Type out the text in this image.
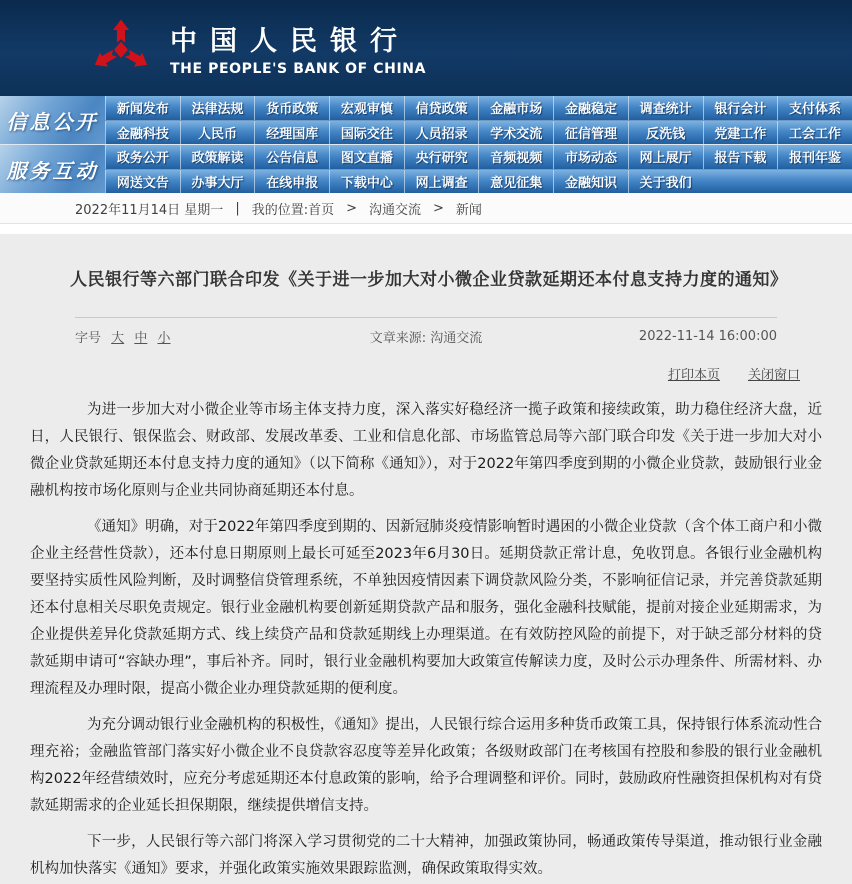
中国人民银行
THE PEOPLE'S BANK OF CHINA
信息公开	新闻发布	法律法规	货币政策	宏观审慎	信贷政策	金融市场	金融稳定	调查统计	银行会计	支付体系
金融科技	人民币	经理国库	国际交往	人员招录	学术交流	征信管理	反洗钱	党建工作	工会工作
服务互动	政务公开	政策解读	公告信息	图文直播	央行研究	音频视频	市场动态	网上展厅	报告下载	报刊年鉴
网送文告	办事大厅	在线申报	下载中心	网上调查	意见征集	金融知识	关于我们
2022年11月14日 星期一 | 我的位置:首页 > 沟通交流 > 新闻
人民银行等六部门联合印发《关于进一步加大对小微企业贷款延期还本付息支持力度的通知》
字号 大 中 小	文章来源: 沟通交流	2022-11-14 16:00:00
打印本页 关闭窗口

为进一步加大对小微企业等市场主体支持力度，深入落实好稳经济一揽子政策和接续政策，助力稳住经济大盘，近日，人民银行、银保监会、财政部、发展改革委、工业和信息化部、市场监管总局等六部门联合印发《关于进一步加大对小微企业贷款延期还本付息支持力度的通知》（以下简称《通知》），对于2022年第四季度到期的小微企业贷款，鼓励银行业金融机构按市场化原则与企业共同协商延期还本付息。

《通知》明确，对于2022年第四季度到期的、因新冠肺炎疫情影响暂时遇困的小微企业贷款（含个体工商户和小微企业主经营性贷款），还本付息日期原则上最长可延至2023年6月30日。延期贷款正常计息，免收罚息。各银行业金融机构要坚持实质性风险判断，及时调整信贷管理系统，不单独因疫情因素下调贷款风险分类，不影响征信记录，并完善贷款延期还本付息相关尽职免责规定。银行业金融机构要创新延期贷款产品和服务，强化金融科技赋能，提前对接企业延期需求，为企业提供差异化贷款延期方式、线上续贷产品和贷款延期线上办理渠道。在有效防控风险的前提下，对于缺乏部分材料的贷款延期申请可“容缺办理”，事后补齐。同时，银行业金融机构要加大政策宣传解读力度，及时公示办理条件、所需材料、办理流程及办理时限，提高小微企业办理贷款延期的便利度。

为充分调动银行业金融机构的积极性，《通知》提出，人民银行综合运用多种货币政策工具，保持银行体系流动性合理充裕；金融监管部门落实好小微企业不良贷款容忍度等差异化政策；各级财政部门在考核国有控股和参股的银行业金融机构2022年经营绩效时，应充分考虑延期还本付息政策的影响，给予合理调整和评价。同时，鼓励政府性融资担保机构对有贷款延期需求的企业延长担保期限，继续提供增信支持。

下一步，人民银行等六部门将深入学习贯彻党的二十大精神，加强政策协同，畅通政策传导渠道，推动银行业金融机构加快落实《通知》要求，并强化政策实施效果跟踪监测，确保政策取得实效。
